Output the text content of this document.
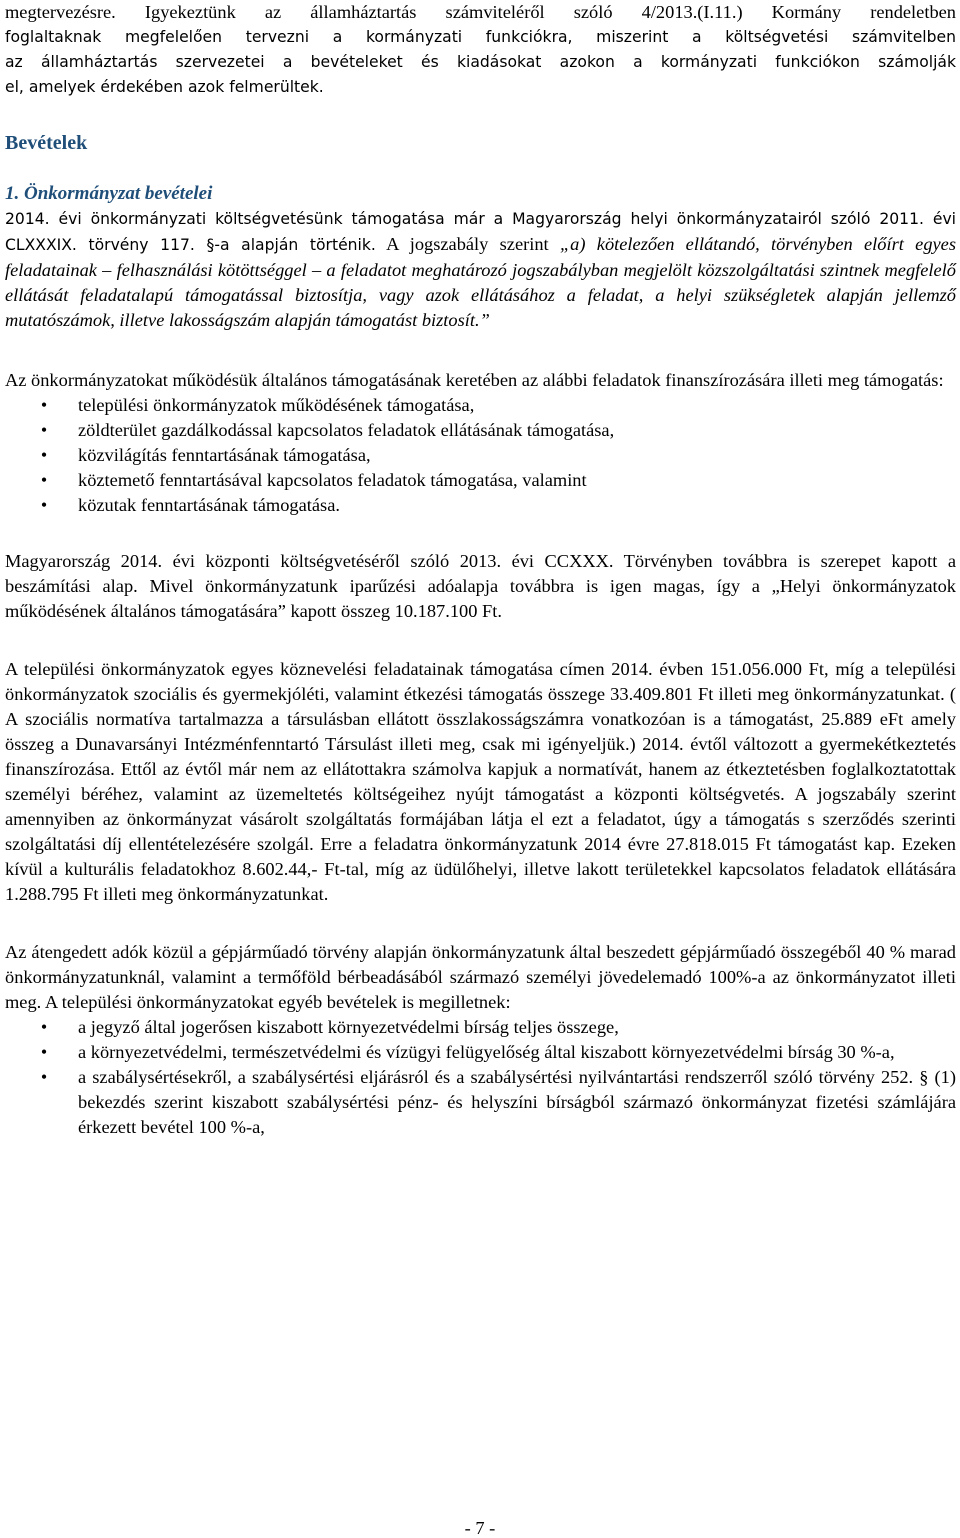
megtervezésre. Igyekeztünk az államháztartás számviteléről szóló 4/2013.(I.11.) Kormány rendeletben

foglaltaknak megfelelően tervezni a kormányzati funkciókra, miszerint a költségvetési számvitelben

az államháztartás szervezetei a bevételeket és kiadásokat azokon a kormányzati funkciókon számolják

el, amelyek érdekében azok felmerültek.

Bevételek

1. Önkormányzat bevételei

2014. évi önkormányzati költségvetésünk támogatása már a Magyarország helyi önkormányzatairól szóló 2011. évi CLXXXIX. törvény 117. §-a alapján történik. A jogszabály szerint „a) kötelezően ellátandó, törvényben előírt egyes feladatainak – felhasználási kötöttséggel – a feladatot meghatározó jogszabályban megjelölt közszolgáltatási szintnek megfelelő ellátását feladatalapú támogatással biztosítja, vagy azok ellátásához a feladat, a helyi szükségletek alapján jellemző mutatószámok, illetve lakosságszám alapján támogatást biztosít.”

Az önkormányzatokat működésük általános támogatásának keretében az alábbi feladatok finanszírozására illeti meg támogatás:

•	települési önkormányzatok működésének támogatása,
•	zöldterület gazdálkodással kapcsolatos feladatok ellátásának támogatása,
•	közvilágítás fenntartásának támogatása,
•	köztemető fenntartásával kapcsolatos feladatok támogatása, valamint
•	közutak fenntartásának támogatása.

Magyarország 2014. évi központi költségvetéséről szóló 2013. évi CCXXX. Törvényben továbbra is szerepet kapott a beszámítási alap. Mivel önkormányzatunk iparűzési adóalapja továbbra is igen magas, így a „Helyi önkormányzatok működésének általános támogatására” kapott összeg 10.187.100 Ft.

A települési önkormányzatok egyes köznevelési feladatainak támogatása címen 2014. évben 151.056.000 Ft, míg a települési önkormányzatok szociális és gyermekjóléti, valamint étkezési támogatás összege 33.409.801 Ft illeti meg önkormányzatunkat. ( A szociális normatíva tartalmazza a társulásban ellátott összlakosságszámra vonatkozóan is a támogatást, 25.889 eFt amely összeg a Dunavarsányi Intézménfenntartó Társulást illeti meg, csak mi igényeljük.) 2014. évtől változott a gyermekétkeztetés finanszírozása. Ettől az évtől már nem az ellátottakra számolva kapjuk a normatívát, hanem az étkeztetésben foglalkoztatottak személyi béréhez, valamint az üzemeltetés költségeihez nyújt támogatást a központi költségvetés. A jogszabály szerint amennyiben az önkormányzat vásárolt szolgáltatás formájában látja el ezt a feladatot, úgy a támogatás s szerződés szerinti szolgáltatási díj ellentételezésére szolgál. Erre a feladatra önkormányzatunk 2014 évre 27.818.015 Ft támogatást kap. Ezeken kívül a kulturális feladatokhoz 8.602.44,- Ft-tal, míg az üdülőhelyi, illetve lakott területekkel kapcsolatos feladatok ellátására 1.288.795 Ft illeti meg önkormányzatunkat.

Az átengedett adók közül a gépjárműadó törvény alapján önkormányzatunk által beszedett gépjárműadó összegéből 40 % marad önkormányzatunknál, valamint a termőföld bérbeadásából származó személyi jövedelemadó 100%-a az önkormányzatot illeti meg. A települési önkormányzatokat egyéb bevételek is megilletnek:

•	a jegyző által jogerősen kiszabott környezetvédelmi bírság teljes összege,
•	a környezetvédelmi, természetvédelmi és vízügyi felügyelőség által kiszabott környezetvédelmi bírság 30 %-a,
•	a szabálysértésekről, a szabálysértési eljárásról és a szabálysértési nyilvántartási rendszerről szóló törvény 252. § (1) bekezdés szerint kiszabott szabálysértési pénz- és helyszíni bírságból származó önkormányzat fizetési számlájára érkezett bevétel 100 %-a,
- 7 -
